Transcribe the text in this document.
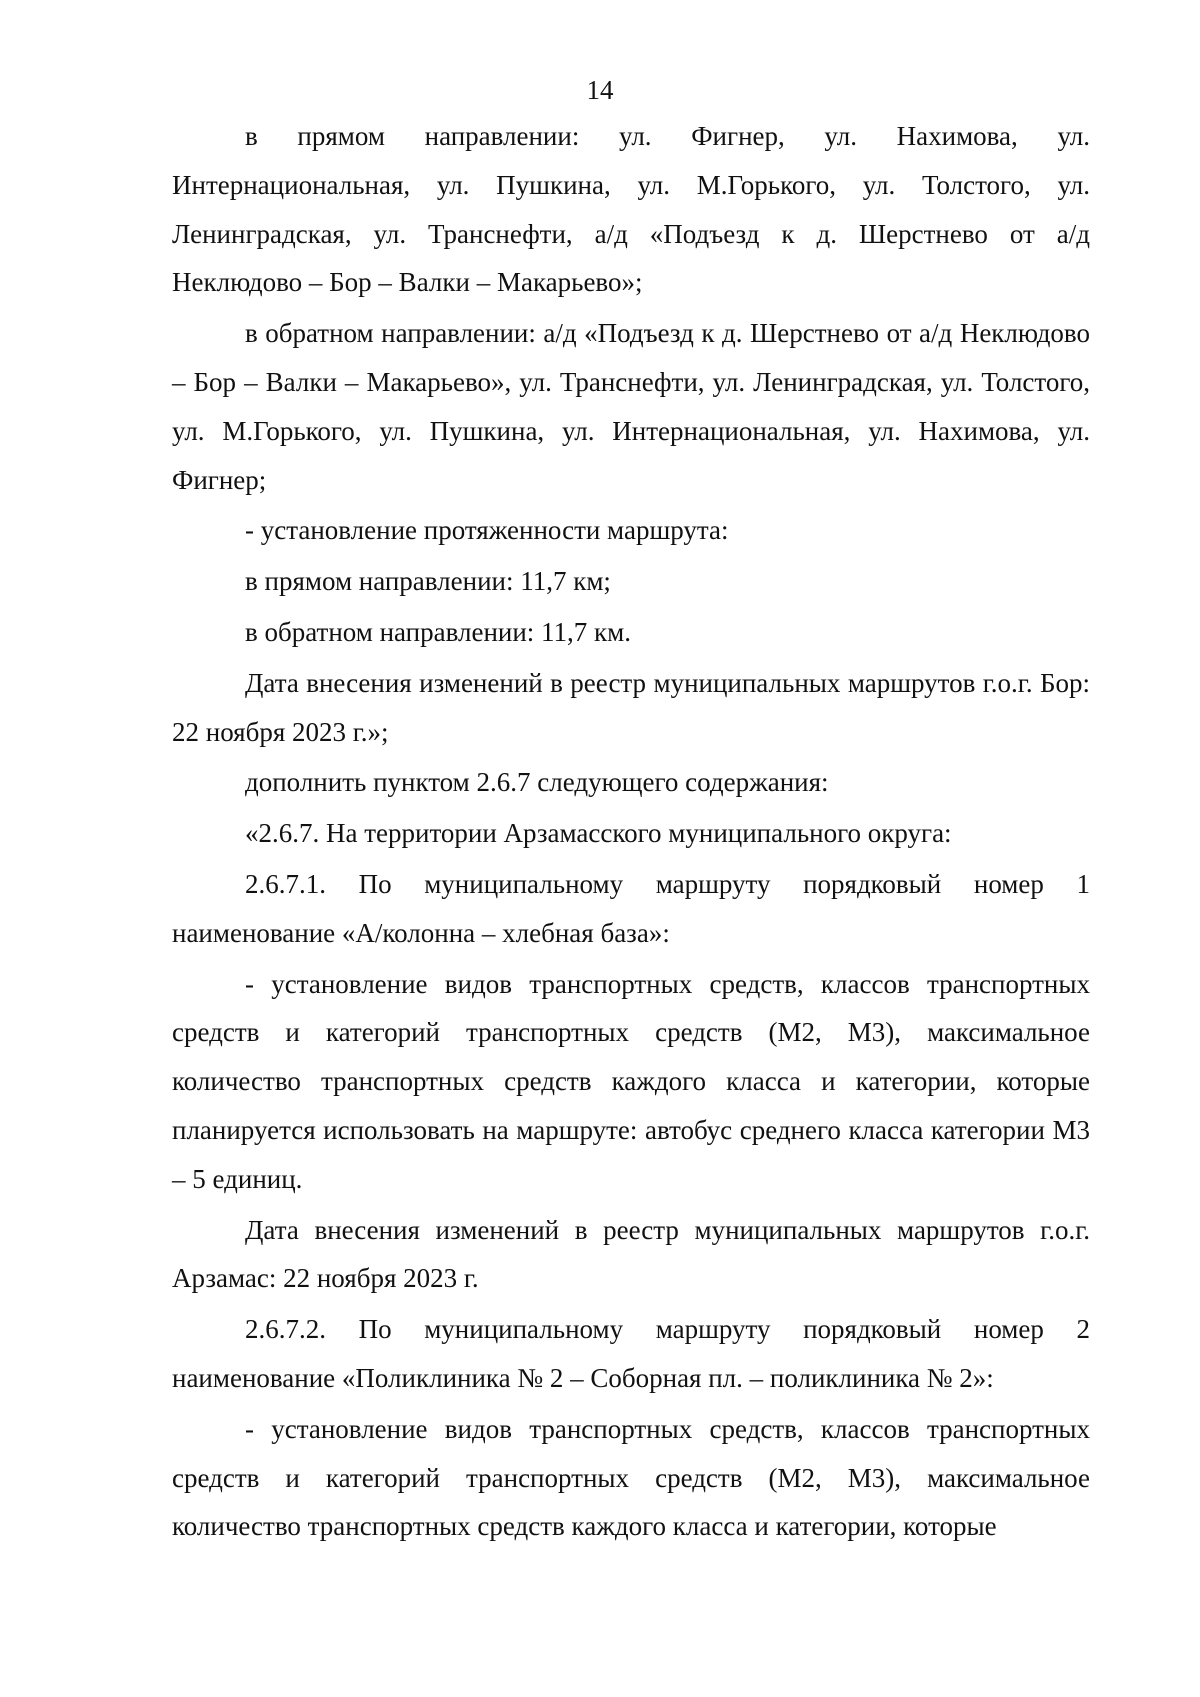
14

в прямом направлении: ул. Фигнер, ул. Нахимова, ул. Интернациональная, ул. Пушкина, ул. М.Горького, ул. Толстого, ул. Ленинградская, ул. Транснефти, а/д «Подъезд к д. Шерстнево от а/д Неклюдово – Бор – Валки – Макарьево»;

в обратном направлении: а/д «Подъезд к д. Шерстнево от а/д Неклюдово – Бор – Валки – Макарьево», ул. Транснефти, ул. Ленинградская, ул. Толстого, ул. М.Горького, ул. Пушкина, ул. Интернациональная, ул. Нахимова, ул. Фигнер;

- установление протяженности маршрута:

в прямом направлении: 11,7 км;

в обратном направлении: 11,7 км.

Дата внесения изменений в реестр муниципальных маршрутов г.о.г. Бор: 22 ноября 2023 г.»;

дополнить пунктом 2.6.7 следующего содержания:

«2.6.7. На территории Арзамасского муниципального округа:

2.6.7.1. По муниципальному маршруту порядковый номер 1 наименование «А/колонна – хлебная база»:

- установление видов транспортных средств, классов транспортных средств и категорий транспортных средств (М2, М3), максимальное количество транспортных средств каждого класса и категории, которые планируется использовать на маршруте: автобус среднего класса категории М3 – 5 единиц.

Дата внесения изменений в реестр муниципальных маршрутов г.о.г. Арзамас: 22 ноября 2023 г.

2.6.7.2. По муниципальному маршруту порядковый номер 2 наименование «Поликлиника № 2 – Соборная пл. – поликлиника № 2»:

- установление видов транспортных средств, классов транспортных средств и категорий транспортных средств (М2, М3), максимальное количество транспортных средств каждого класса и категории, которые
